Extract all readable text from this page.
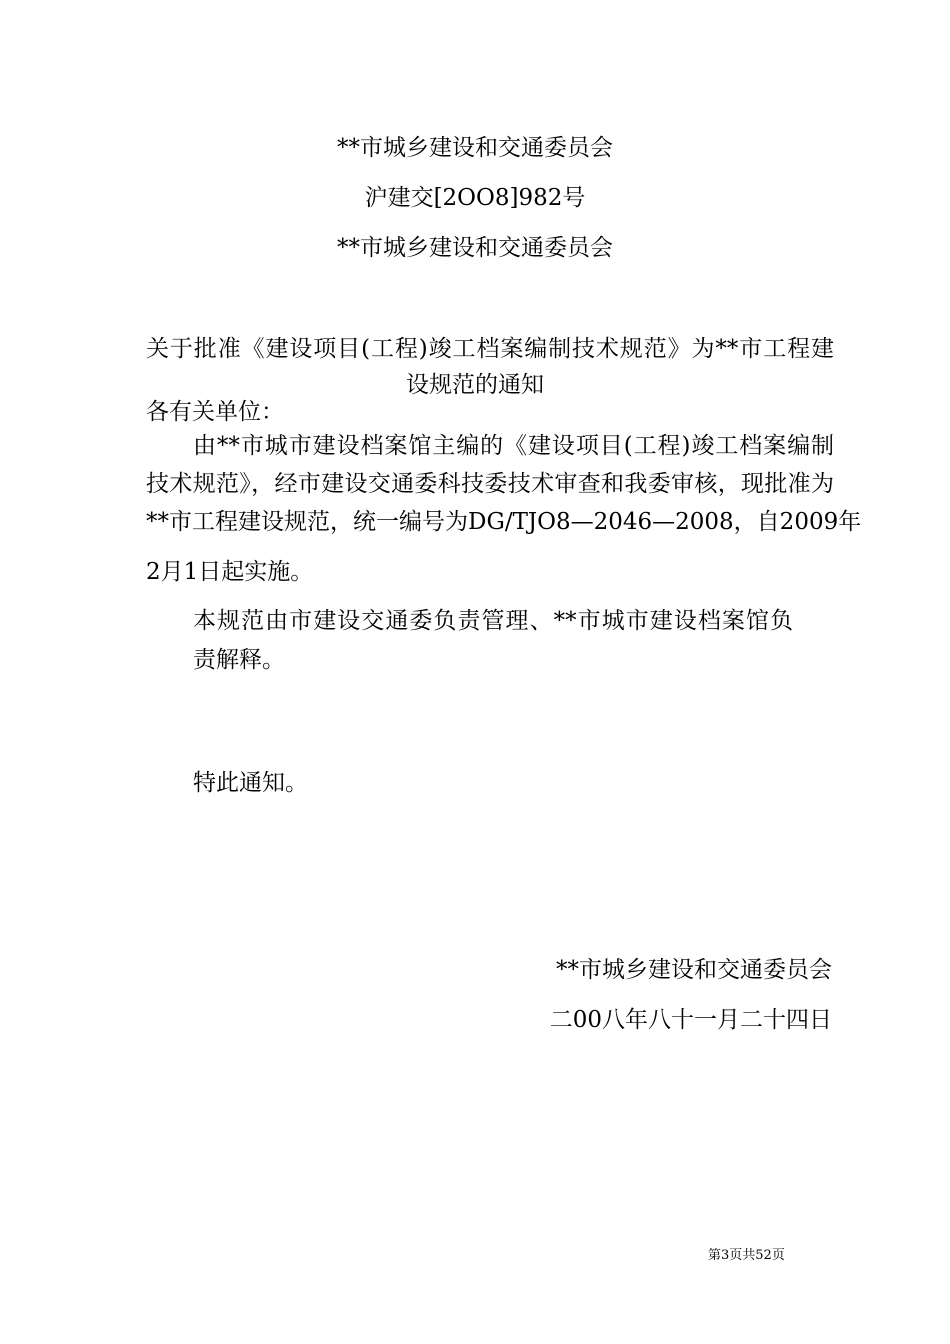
**市城乡建设和交通委员会
沪建交[2OO8]982号
**市城乡建设和交通委员会
关于批准《建设项目(工程)竣工档案编制技术规范》为**市工程建
设规范的通知
各有关单位：
由**市城市建设档案馆主编的《建设项目(工程)竣工档案编制
技术规范》，经市建设交通委科技委技术审查和我委审核，现批准为
**市工程建设规范，统一编号为DG/TJO8—2046—2008，自2009年
2月1日起实施。
本规范由市建设交通委负责管理、**市城市建设档案馆负
责解释。
特此通知。
**市城乡建设和交通委员会
二00八年八十一月二十四日
第3页共52页
